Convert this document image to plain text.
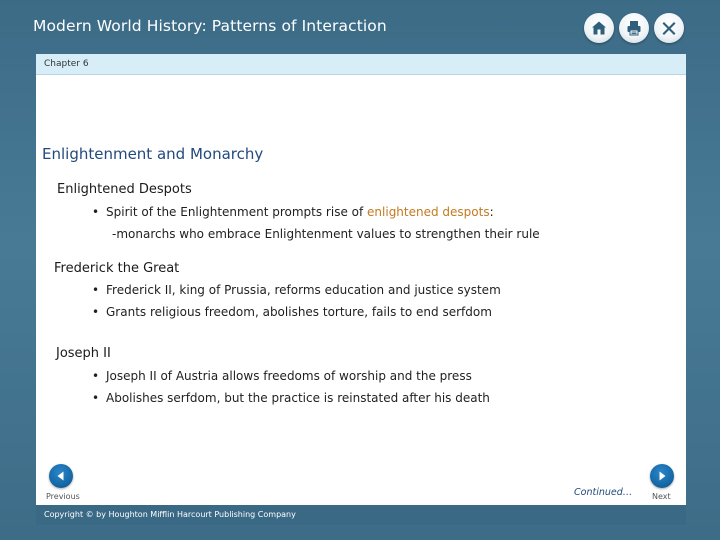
Modern World History: Patterns of Interaction
Chapter 6
Enlightenment and Monarchy
Enlightened Despots
• Spirit of the Enlightenment prompts rise of enlightened despots:
-monarchs who embrace Enlightenment values to strengthen their rule
Frederick the Great
• Frederick II, king of Prussia, reforms education and justice system
• Grants religious freedom, abolishes torture, fails to end serfdom
Joseph II
• Joseph II of Austria allows freedoms of worship and the press
• Abolishes serfdom, but the practice is reinstated after his death
Previous	Continued… Next
Copyright © by Houghton Mifflin Harcourt Publishing Company
